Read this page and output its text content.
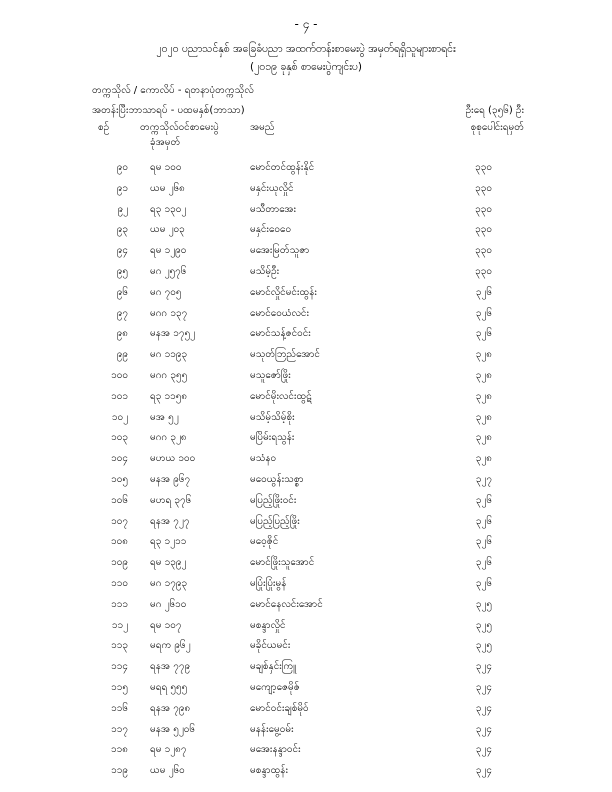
- ၄ -
၂၀၂၀ ပညာသင်နှစ် အခြေခံပညာ အထက်တန်းစာမေးပွဲ အမှတ်ရရှိသူများစာရင်း
(၂၀၁၉ ခုနှစ် စာမေးပွဲကျင်းပ)
တက္ကသိုလ် / ကောလိပ် - ရတနာပုံတက္ကသိုလ်
အတန်းပြီးဘာသာရပ် - ပထမနှစ်(ဘာသာ)	ဦးရေ (၃၅၆) ဦး
စဉ်	တက္ကသိုလ်ဝင်စာမေးပွဲ
ခုံအမှတ်
အမည်	စုစုပေါင်းရမှတ်
၉၀ ရမ ၁၀၀	မောင်တင်ထွန်းနိုင်	၃၃၀
၉၁ ယမ ၂၆၈	မနှင်းယုလှိုင်	၃၃၀
၉၂ ရ၃ ၁၃၀၂	မသီတာအေး	၃၃၀
၉၃ ယမ ၂၀၃	မနှင်းဝေဝေ	၃၃၀
၉၄ ရမ ၁၂၉၀	မအေးမြတ်သူဇာ	၃၃၀
၉၅ မဂ ၂၅၇၆	မသိမ့်ဦး	၃၃၀
၉၆ မဂ ၇၀၅	မောင်လှိုင်မင်းထွန်း	၃၂၆
၉၇ မဂဂ ၁၃၇	မောင်ဝေယံလင်း	၃၂၆
၉၈ မနအ ၁၇၅၂	မောင်သန့်ဇင်ဝင်း	၃၂၆
၉၉ မဂ ၁၁၉၃	မသုတ်ဘြည်အောင်	၃၂၈
၁၀၀ မဂဂ ၃၅၅	မသူဇော်ဖြိုး	၃၂၈
၁၀၁ ရ၃ ၁၁၅၈	မောင်မိုးလင်းထွဋ်	၃၂၈
၁၀၂ မအ ၅၂	မသိမ့်သိမ့်စိုး	၃၂၈
၁၀၃ မဂဂ ၃၂၈	မပြိမ်းရသွန်း	၃၂၈
၁၀၄ မဟယ ၁၀၀	မသံနဝ	၃၂၈
၁၀၅ မနအ ၉၆၇	မဝေယွန်းသစ္စာ	၃၂၇
၁၀၆ မဟရ ၃၇၆	မပြည့်ဖြိုးဝင်း	၃၂၆
၁၀၇ ရနအ ၇၂၇	မပြည့်ပြည့်ဖြိုး	၃၂၆
၁၀၈ ရ၃ ၁၂၁၁	မဝေ့ဇိုင်	၃၂၆
၁၀၉ ရမ ၁၃၉၂	မောင်ဖြိုးသူအောင်	၃၂၆
၁၁၀ မဂ ၁၇၉၃	မပြုံးပြုံးမွန်	၃၂၆
၁၁၁ မဂ ၂၆၁၀	မောင်နေလင်းအောင်	၃၂၅
၁၁၂ ရမ ၁၀၇	မစန္ဒာလှိုင်	၃၂၅
၁၁၃ မရက ၉၆၂	မခိုင်ယမင်း	၃၂၅
၁၁၄ ရနအ ၇၇၉	မချစ်နှင်းကြူ	၃၂၄
၁၁၅ မရရ ၅၅၅	မကျော့ဇေမိုဇ်	၃၂၄
၁၁၆ ရနအ ၇၉၈	မောင်ဝင်းချစ်မိုဝ်	၃၂၄
၁၁၇ မနအ ၅၂၀၆	မနန်းမွေ့ဝမ်း	၃၂၄
၁၁၈ ရမ ၁၂၈၇	မအေးနန္ဒာဝင်း	၃၂၄
၁၁၉ ယမ ၂၆၀	မစန္ဒာထွန်း	၃၂၄
